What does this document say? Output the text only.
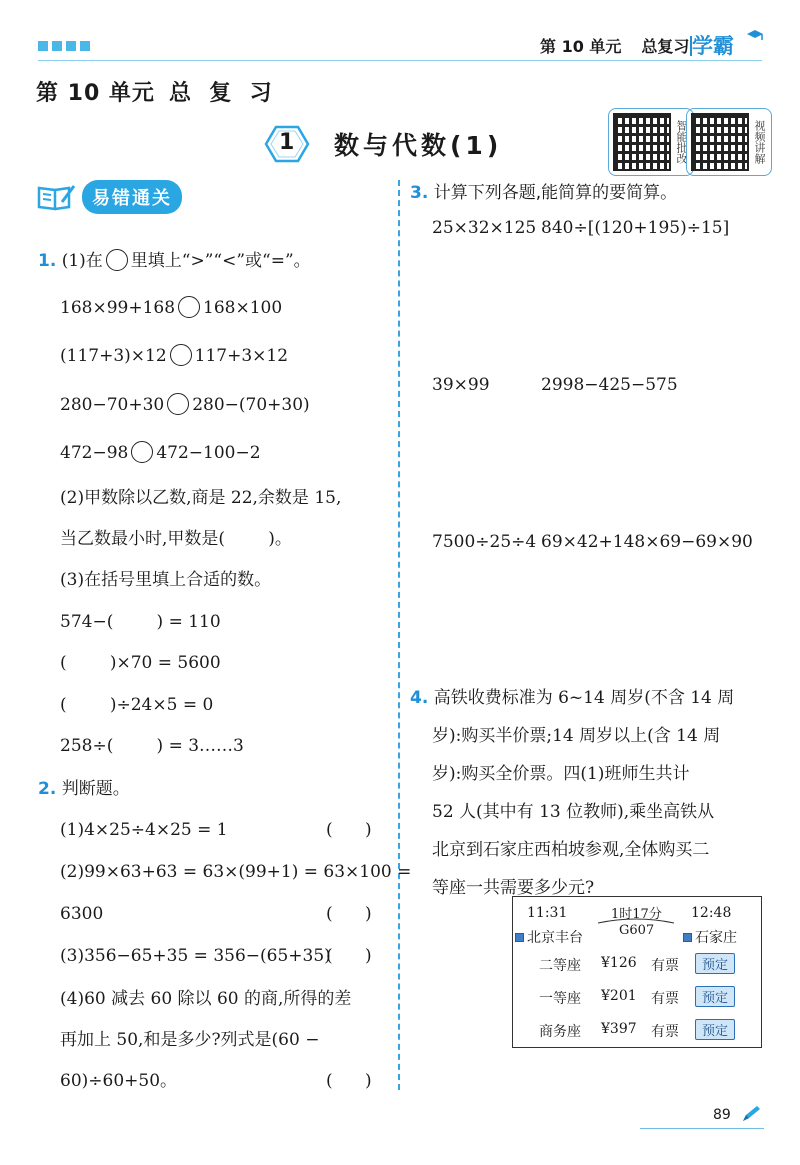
第 10 单元 总复习 学霸
第 10 单元 总  复  习
1 数与代数(1)	智能批改	视频讲解
易错通关
1. (1)在 里填上“>”“<”或“=”。
168×99+168 168×100
(117+3)×12 117+3×12
280−70+30 280−(70+30)
472−98 472−100−2
(2)甲数除以乙数,商是 22,余数是 15,
当乙数最小时,甲数是(        )。
(3)在括号里填上合适的数。
574−(        ) = 110
(        )×70 = 5600
(        )÷24×5 = 0
258÷(        ) = 3……3
2. 判断题。
(1)4×25÷4×25 = 1	(      )
(2)99×63+63 = 63×(99+1) = 63×100 =
6300	(      )
(3)356−65+35 = 356−(65+35)
(      )
(4)60 减去 60 除以 60 的商,所得的差
再加上 50,和是多少?列式是(60 −
60)÷60+50。	(      )
3. 计算下列各题,能简算的要简算。
25×32×125 840÷[(120+195)÷15]
39×99	2998−425−575
7500÷25÷4 69×42+148×69−69×90
4. 高铁收费标准为 6~14 周岁(不含 14 周
岁):购买半价票;14 周岁以上(含 14 周
岁):购买全价票。四(1)班师生共计
52 人(其中有 13 位教师),乘坐高铁从
北京到石家庄西柏坡参观,全体购买二
等座一共需要多少元?
11:31	1时17分 12:48
北京丰台	G607	石家庄
二等座 ¥126 有票	预定
一等座 ¥201 有票	预定
商务座 ¥397 有票	预定
89
